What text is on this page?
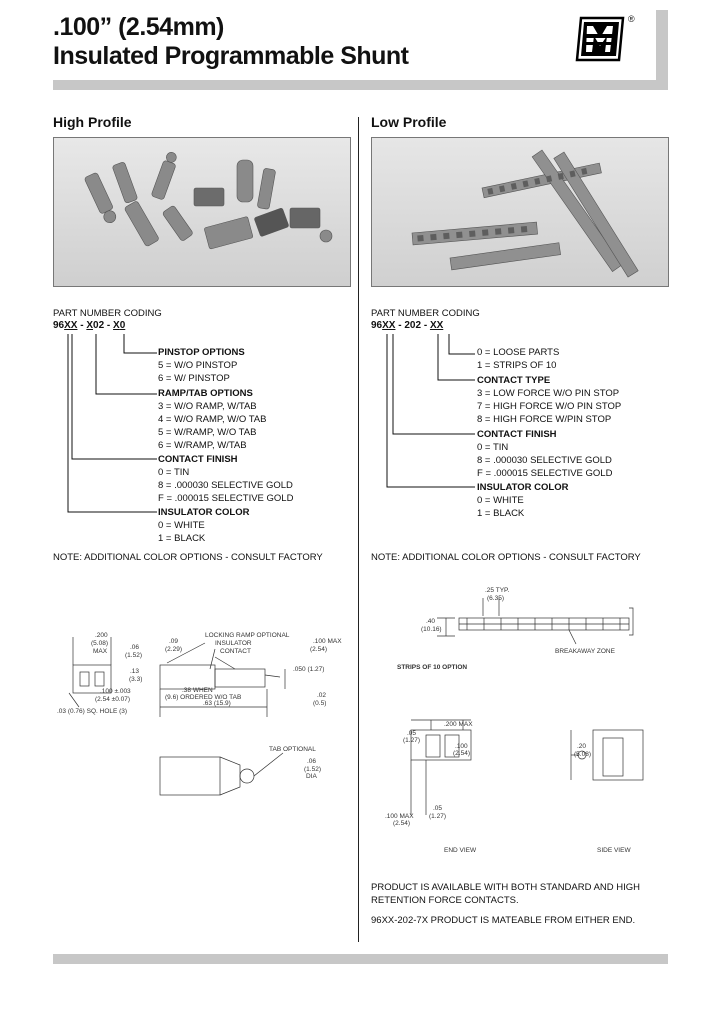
.100” (2.54mm)
Insulated Programmable Shunt
®
High Profile
PART NUMBER CODING
96XX - X02 - X0
PINSTOP OPTIONS
5 = W/O PINSTOP
6 = W/ PINSTOP
RAMP/TAB OPTIONS
3 = W/O RAMP, W/TAB
4 = W/O RAMP, W/O TAB
5 = W/RAMP, W/O TAB
6 = W/RAMP, W/TAB
CONTACT FINISH
0 = TIN
8 = .000030 SELECTIVE GOLD
F = .000015 SELECTIVE GOLD
INSULATOR COLOR
0 = WHITE
1 = BLACK
NOTE: ADDITIONAL COLOR OPTIONS - CONSULT FACTORY
.200
(5.08)
MAX
.09
(2.29)
.06
(1.52)
.13
(3.3)
.100 ±.003
(2.54 ±0.07)
.03 (0.76) SQ. HOLE (3)
LOCKING RAMP OPTIONAL
INSULATOR
CONTACT
.100 MAX
(2.54)
.050 (1.27)
.38 WHEN
(9.6) ORDERED W/O TAB
.63 (15.9)
.02
(0.5)
TAB OPTIONAL
.06
(1.52)
DIA
Low Profile
PART NUMBER CODING
96XX - 202 - XX
0 = LOOSE PARTS
1 = STRIPS OF 10
CONTACT TYPE
3 = LOW FORCE W/O PIN STOP
7 = HIGH FORCE W/O PIN STOP
8 = HIGH FORCE W/PIN STOP
CONTACT FINISH
0 = TIN
8 = .000030 SELECTIVE GOLD
F = .000015 SELECTIVE GOLD
INSULATOR COLOR
0 = WHITE
1 = BLACK
NOTE: ADDITIONAL COLOR OPTIONS - CONSULT FACTORY
.25 TYP.
(6.35)
.40
(10.16)
STRIPS OF 10 OPTION
BREAKAWAY ZONE
.200 MAX
.05
(1.27)
.100
(2.54)
.100 MAX
(2.54)
.05
(1.27)
.20
(5.08)
END VIEW	SIDE VIEW
PRODUCT IS AVAILABLE WITH BOTH STANDARD AND HIGH RETENTION FORCE CONTACTS.
96XX-202-7X PRODUCT IS MATEABLE FROM EITHER END.
